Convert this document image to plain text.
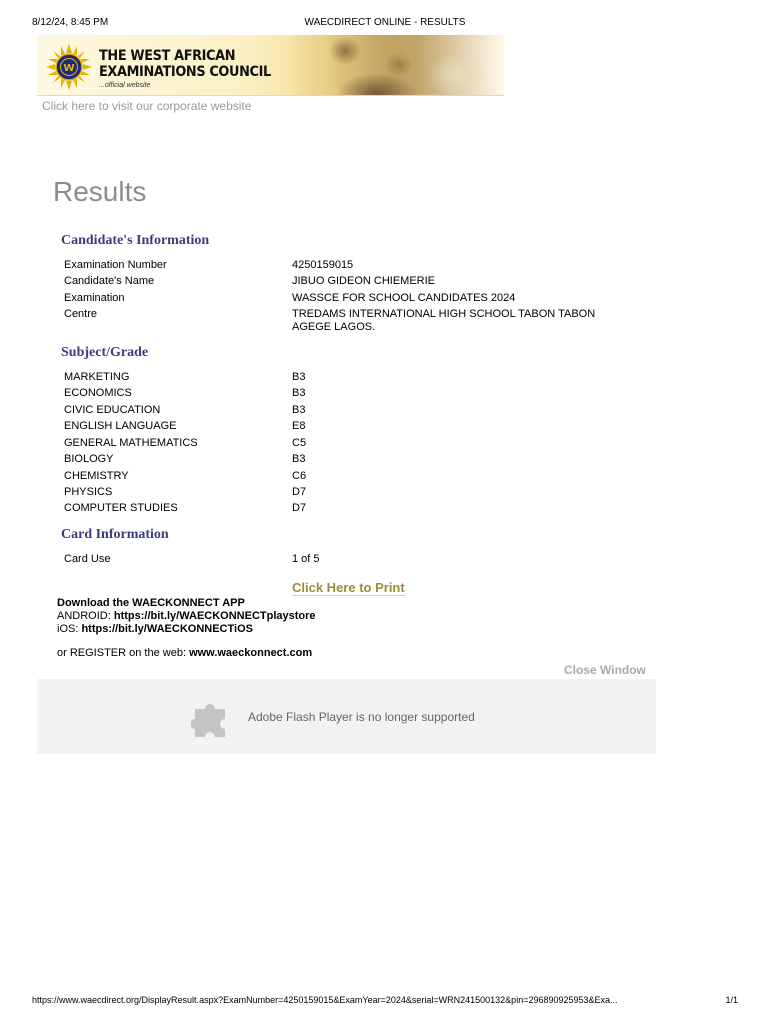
8/12/24, 8:45 PM	WAECDIRECT ONLINE - RESULTS
W
THE WEST AFRICAN
EXAMINATIONS COUNCIL
...official website
Click here to visit our corporate website
Results
Candidate's Information
Examination Number	4250159015
Candidate's Name	JIBUO GIDEON CHIEMERIE
Examination	WASSCE FOR SCHOOL CANDIDATES 2024
Centre	TREDAMS INTERNATIONAL HIGH SCHOOL TABON TABON AGEGE LAGOS.
Subject/Grade
MARKETING	B3
ECONOMICS	B3
CIVIC EDUCATION	B3
ENGLISH LANGUAGE	E8
GENERAL MATHEMATICS	C5
BIOLOGY	B3
CHEMISTRY	C6
PHYSICS	D7
COMPUTER STUDIES	D7
Card Information
Card Use	1 of 5
Click Here to Print
Download the WAECKONNECT APP
ANDROID: https://bit.ly/WAECKONNECTplaystore
iOS: https://bit.ly/WAECKONNECTiOS
or REGISTER on the web: www.waeckonnect.com
Close Window
Adobe Flash Player is no longer supported
https://www.waecdirect.org/DisplayResult.aspx?ExamNumber=4250159015&ExamYear=2024&serial=WRN241500132&pin=296890925953&Exa...	1/1
